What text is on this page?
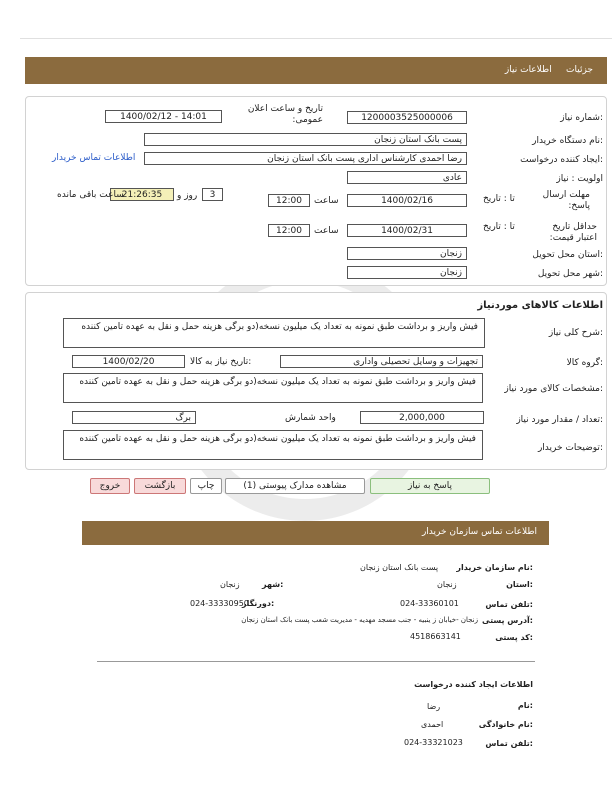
جزئیات     اطلاعات نیاز
شماره نیاز:
1200003525000006
تاریخ و ساعت اعلان عمومی:
1400/02/12 - 14:01
نام دستگاه خریدار:
پست بانک استان زنجان
ایجاد کننده درخواست:
رضا احمدی کارشناس اداری پست بانک استان زنجان
اطلاعات تماس خریدار
اولویت : نیاز
عادی
مهلت ارسال پاسخ:
تا : تاریخ
1400/02/16
ساعت
12:00
3
روز و
21:26:35
ساعت باقی مانده
حداقل تاریخ اعتبار قیمت:
تا : تاریخ
1400/02/31
ساعت
12:00
استان محل تحویل:
زنجان
شهر محل تحویل:
زنجان
اطلاعات کالاهای موردنیاز
شرح کلی نیاز:
فیش واریز و برداشت طبق نمونه به تعداد یک میلیون نسخه(دو برگی هزینه حمل و نقل به عهده تامین کننده
گروه کالا:
تجهیزات و وسایل تحصیلی واداری
تاریخ نیاز به کالا:
1400/02/20
مشخصات کالای مورد نیاز:
فیش واریز و برداشت طبق نمونه به تعداد یک میلیون نسخه(دو برگی هزینه حمل و نقل به عهده تامین کننده
تعداد / مقدار مورد نیاز:
2,000,000
واحد شمارش
برگ
توضیحات خریدار:
فیش واریز و برداشت طبق نمونه به تعداد یک میلیون نسخه(دو برگی هزینه حمل و نقل به عهده تامین کننده
پاسخ به نیاز
مشاهده مدارک پیوستی (1)
چاپ
بازگشت
خروج
اطلاعات تماس سازمان خریدار
نام سازمان خریدار:
پست بانک استان زنجان
استان:
زنجان
شهر:
زنجان
تلفن تماس:
024-33360101
دورنگار:
024-33330950
آدرس پستی:
زنجان -خیابان ز ینبیه - جنب مسجد مهدیه - مدیریت شعب پست بانک استان زنجان
کد پستی:
4518663141
اطلاعات ایجاد کننده درخواست
نام:
رضا
نام خانوادگی:
احمدی
تلفن تماس:
024-33321023
